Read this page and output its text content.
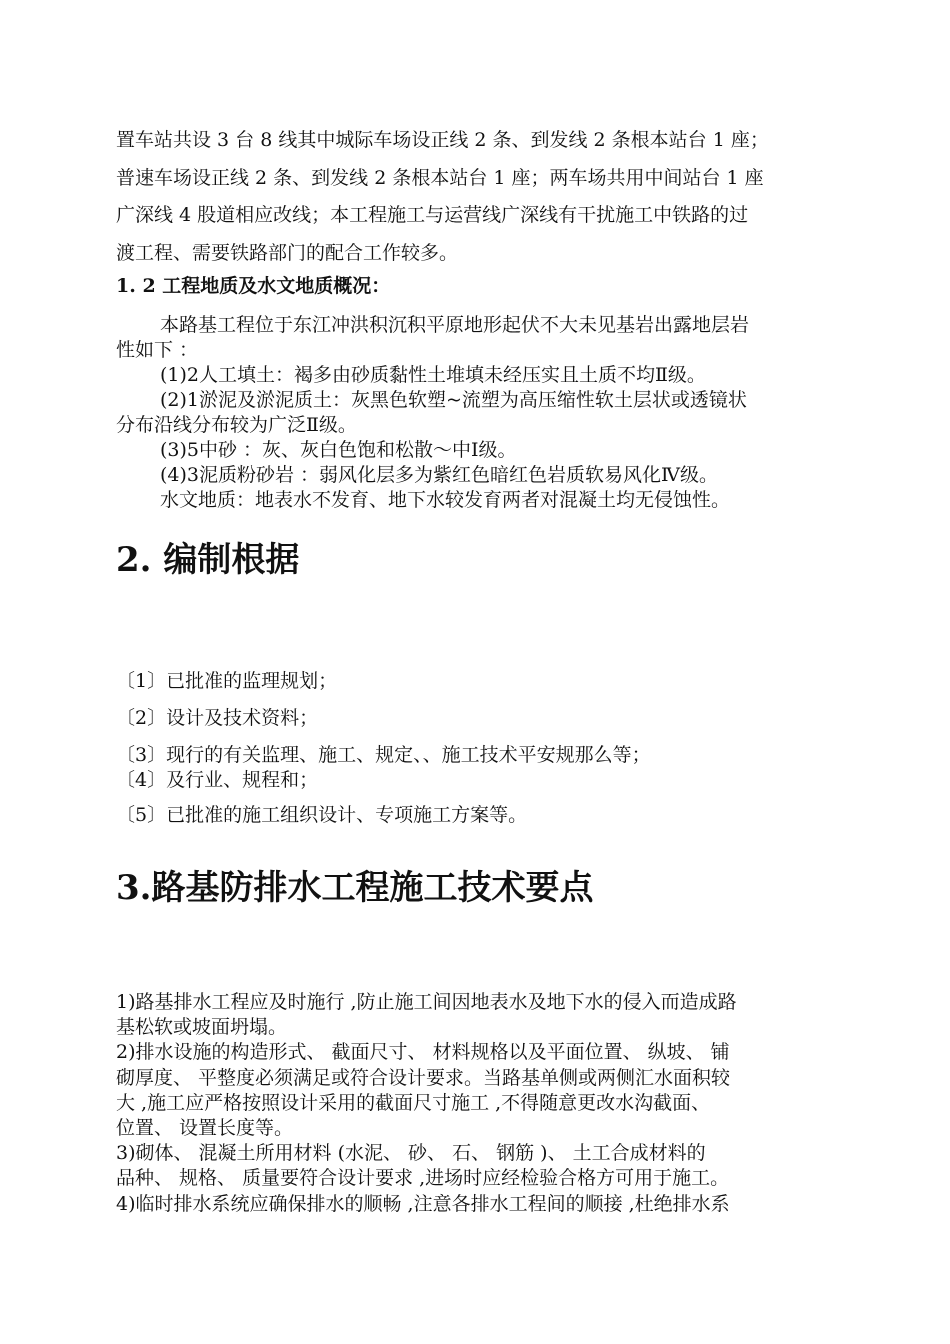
置车站共设 3 台 8 线其中城际车场设正线 2 条、到发线 2 条根本站台 1 座；
普速车场设正线 2 条、到发线 2 条根本站台 1 座；两车场共用中间站台 1 座
广深线 4 股道相应改线；本工程施工与运营线广深线有干扰施工中铁路的过
渡工程、需要铁路部门的配合工作较多。
1. 2 工程地质及水文地质概况：
本路基工程位于东江冲洪积沉积平原地形起伏不大未见基岩出露地层岩
性如下 ：
(1)2人工填土：褐多由砂质黏性土堆填未经压实且土质不均Ⅱ级。
(2)1淤泥及淤泥质土：灰黑色软塑~流塑为高压缩性软土层状或透镜状
分布沿线分布较为广泛Ⅱ级。
(3)5中砂 ：灰、灰白色饱和松散～中Ⅰ级。
(4)3泥质粉砂岩 ：弱风化层多为紫红色暗红色岩质软易风化Ⅳ级。
水文地质：地表水不发育、地下水较发育两者对混凝土均无侵蚀性。
2. 编制根据
〔1〕已批准的监理规划；
〔2〕设计及技术资料；
〔3〕现行的有关监理、施工、规定、、施工技术平安规那么等；
〔4〕及行业、规程和；
〔5〕已批准的施工组织设计、专项施工方案等。
3.路基防排水工程施工技术要点
1)路基排水工程应及时施行 ,防止施工间因地表水及地下水的侵入而造成路
基松软或坡面坍塌。
2)排水设施的构造形式、 截面尺寸、 材料规格以及平面位置、 纵坡、 铺
砌厚度、 平整度必须满足或符合设计要求。当路基单侧或两侧汇水面积较
大 ,施工应严格按照设计采用的截面尺寸施工 ,不得随意更改水沟截面、
位置、 设置长度等。
3)砌体、 混凝土所用材料 (水泥、 砂、 石、 钢筋 )、 土工合成材料的
品种、 规格、 质量要符合设计要求 ,进场时应经检验合格方可用于施工。
4)临时排水系统应确保排水的顺畅 ,注意各排水工程间的顺接 ,杜绝排水系
